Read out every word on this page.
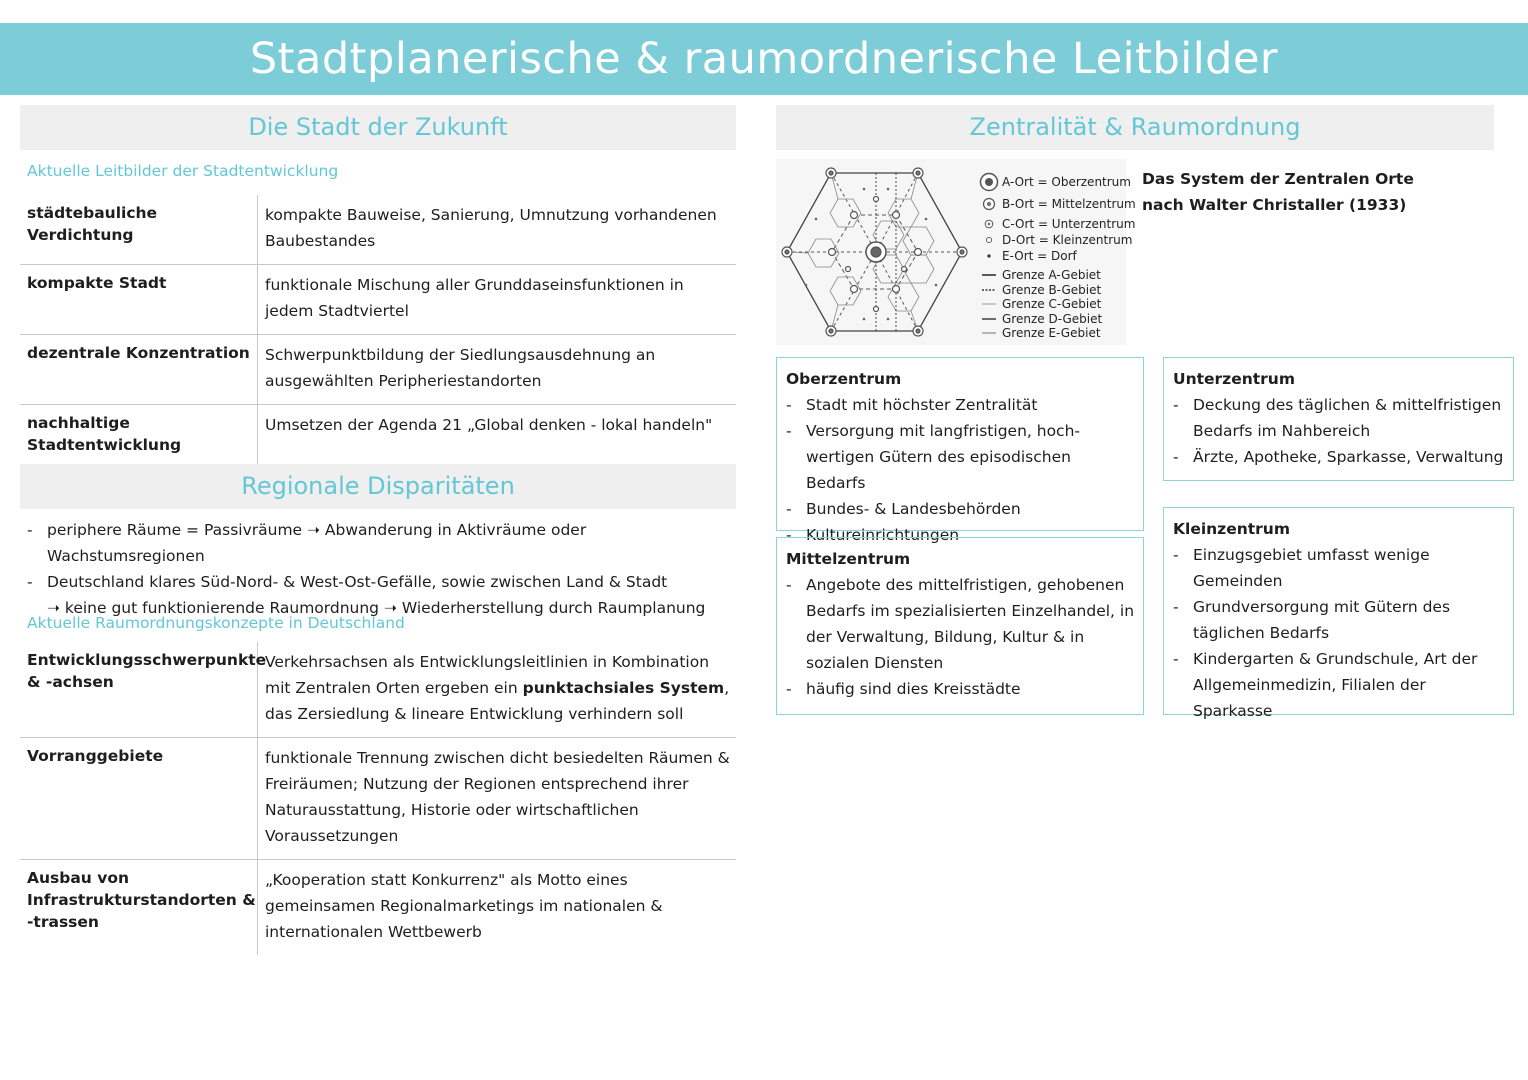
Stadtplanerische & raumordnerische Leitbilder
Die Stadt der Zukunft
Aktuelle Leitbilder der Stadtentwicklung
städtebauliche Verdichtung
kompakte Bauweise, Sanierung, Umnutzung vorhandenen Baubestandes
kompakte Stadt	funktionale Mischung aller Grunddaseinsfunktionen in jedem Stadtviertel
dezentrale Konzentration Schwerpunktbildung der Siedlungsausdehnung an ausgewählten Peripheriestandorten
nachhaltige Stadtentwicklung
Umsetzen der Agenda 21 „Global denken - lokal handeln"
Regionale Disparitäten
- periphere Räume = Passivräume ➝ Abwanderung in Aktivräume oder Wachstumsregionen
- Deutschland klares Süd-Nord- & West-Ost-Gefälle, sowie zwischen Land & Stadt
➝ keine gut funktionierende Raumordnung ➝ Wiederherstellung durch Raumplanung
Aktuelle Raumordnungskonzepte in Deutschland
Entwicklungsschwerpunkte & -achsen
Verkehrsachsen als Entwicklungsleitlinien in Kombination mit Zentralen Orten ergeben ein punktachsiales System, das Zersiedlung & lineare Entwicklung verhindern soll
Vorranggebiete	funktionale Trennung zwischen dicht besiedelten Räumen & Freiräumen; Nutzung der Regionen entsprechend ihrer Naturausstattung, Historie oder wirtschaftlichen Voraussetzungen
Ausbau von Infrastrukturstandorten & -trassen
„Kooperation statt Konkurrenz" als Motto eines gemeinsamen Regionalmarketings im nationalen & internationalen Wettbewerb
Zentralität & Raumordnung
A-Ort = Oberzentrum
B-Ort = Mittelzentrum
C-Ort = Unterzentrum
D-Ort = Kleinzentrum
E-Ort = Dorf
Grenze A-Gebiet
Grenze B-Gebiet
Grenze C-Gebiet
Grenze D-Gebiet
Grenze E-Gebiet
Das System der Zentralen Orte
nach Walter Christaller (1933)
Oberzentrum
- Stadt mit höchster Zentralität
- Versorgung mit langfristigen, hoch-wertigen Gütern des episodischen Bedarfs
- Bundes- & Landesbehörden
- Kultureinrichtungen
Unterzentrum
- Deckung des täglichen & mittelfristigen Bedarfs im Nahbereich
- Ärzte, Apotheke, Sparkasse, Verwaltung
Mittelzentrum
- Angebote des mittelfristigen, gehobenen Bedarfs im spezialisierten Einzelhandel, in der Verwaltung, Bildung, Kultur & in sozialen Diensten
- häufig sind dies Kreisstädte
Kleinzentrum
- Einzugsgebiet umfasst wenige Gemeinden
- Grundversorgung mit Gütern des täglichen Bedarfs
- Kindergarten & Grundschule, Art der Allgemeinmedizin, Filialen der Sparkasse
